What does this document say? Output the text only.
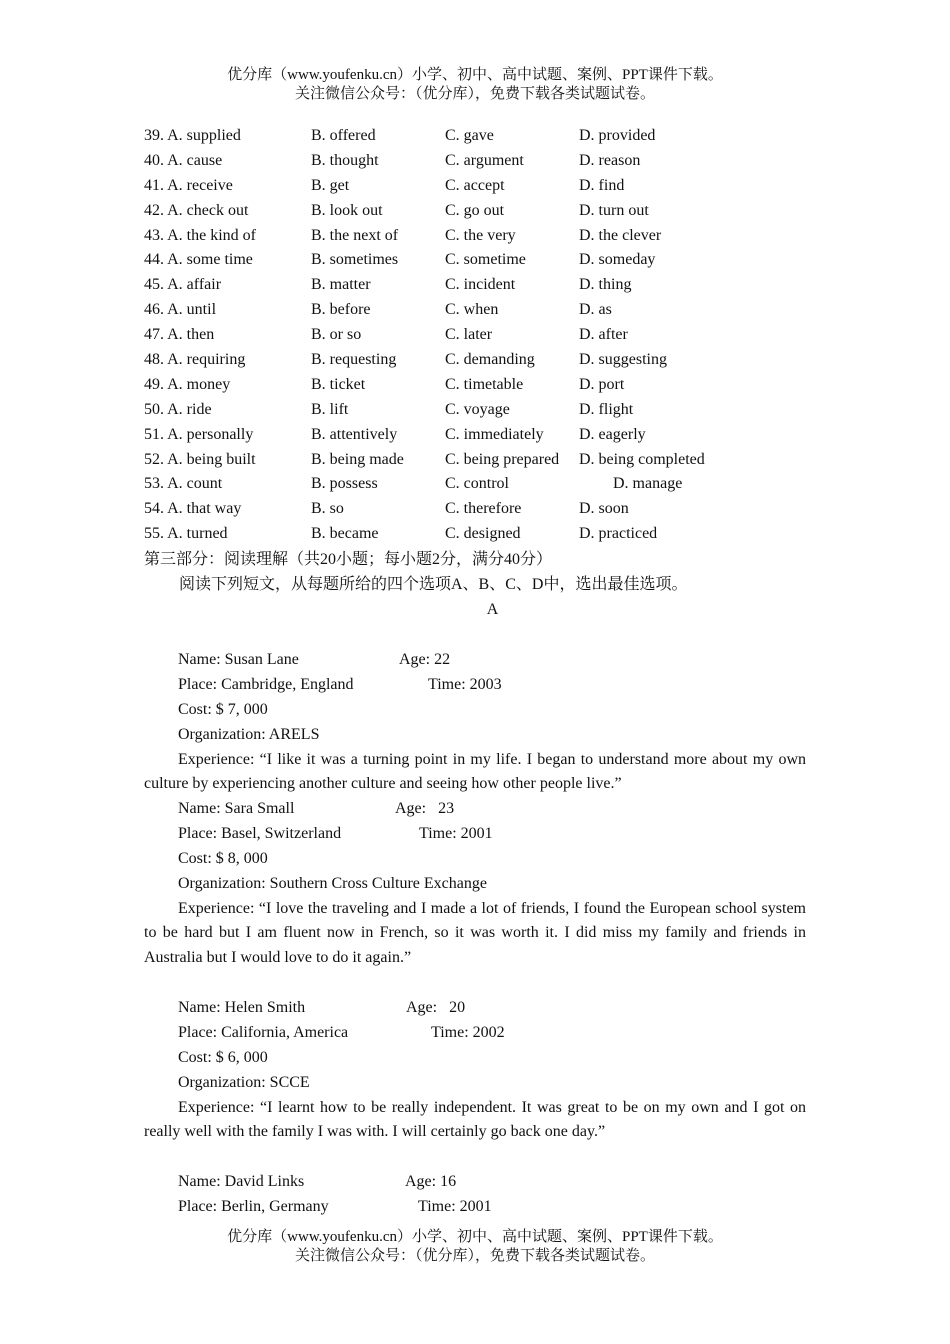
优分库（www.youfenku.cn）小学、初中、高中试题、案例、PPT课件下载。
关注微信公众号：（优分库），免费下载各类试题试卷。
39. A. supplied	B. offered	C. gave	D. provided
40. A. cause	B. thought	C. argument	D. reason
41. A. receive	B. get	C. accept	D. find
42. A. check out	B. look out	C. go out	D. turn out
43. A. the kind of	B. the next of	C. the very	D. the clever
44. A. some time	B. sometimes	C. sometime	D. someday
45. A. affair	B. matter	C. incident	D. thing
46. A. until	B. before	C. when	D. as
47. A. then	B. or so	C. later	D. after
48. A. requiring	B. requesting	C. demanding	D. suggesting
49. A. money	B. ticket	C. timetable	D. port
50. A. ride	B. lift	C. voyage	D. flight
51. A. personally	B. attentively	C. immediately D. eagerly
52. A. being built	B. being made	C. being prepared D. being completed
53. A. count	B. possess	C. control	D. manage
54. A. that way	B. so	C. therefore	D. soon
55. A. turned	B. became	C. designed	D. practiced
第三部分：阅读理解（共20小题；每小题2分，满分40分）
阅读下列短文，从每题所给的四个选项A、B、C、D中，选出最佳选项。
A
Name: Susan Lane	Age: 22
Place: Cambridge, England	Time: 2003
Cost: $ 7, 000
Organization: ARELS
Experience: “I like it was a turning point in my life. I began to understand more about my own culture by experiencing another culture and seeing how other people live.”
Name: Sara Small	Age:   23
Place: Basel, Switzerland	Time: 2001
Cost: $ 8, 000
Organization: Southern Cross Culture Exchange
Experience: “I love the traveling and I made a lot of friends, I found the European school system to be hard but I am fluent now in French, so it was worth it. I did miss my family and friends in Australia but I would love to do it again.”
Name: Helen Smith	Age:   20
Place: California, America	Time: 2002
Cost: $ 6, 000
Organization: SCCE
Experience: “I learnt how to be really independent. It was great to be on my own and I got on really well with the family I was with. I will certainly go back one day.”
Name: David Links	Age: 16
Place: Berlin, Germany	Time: 2001
优分库（www.youfenku.cn）小学、初中、高中试题、案例、PPT课件下载。
关注微信公众号：（优分库），免费下载各类试题试卷。
